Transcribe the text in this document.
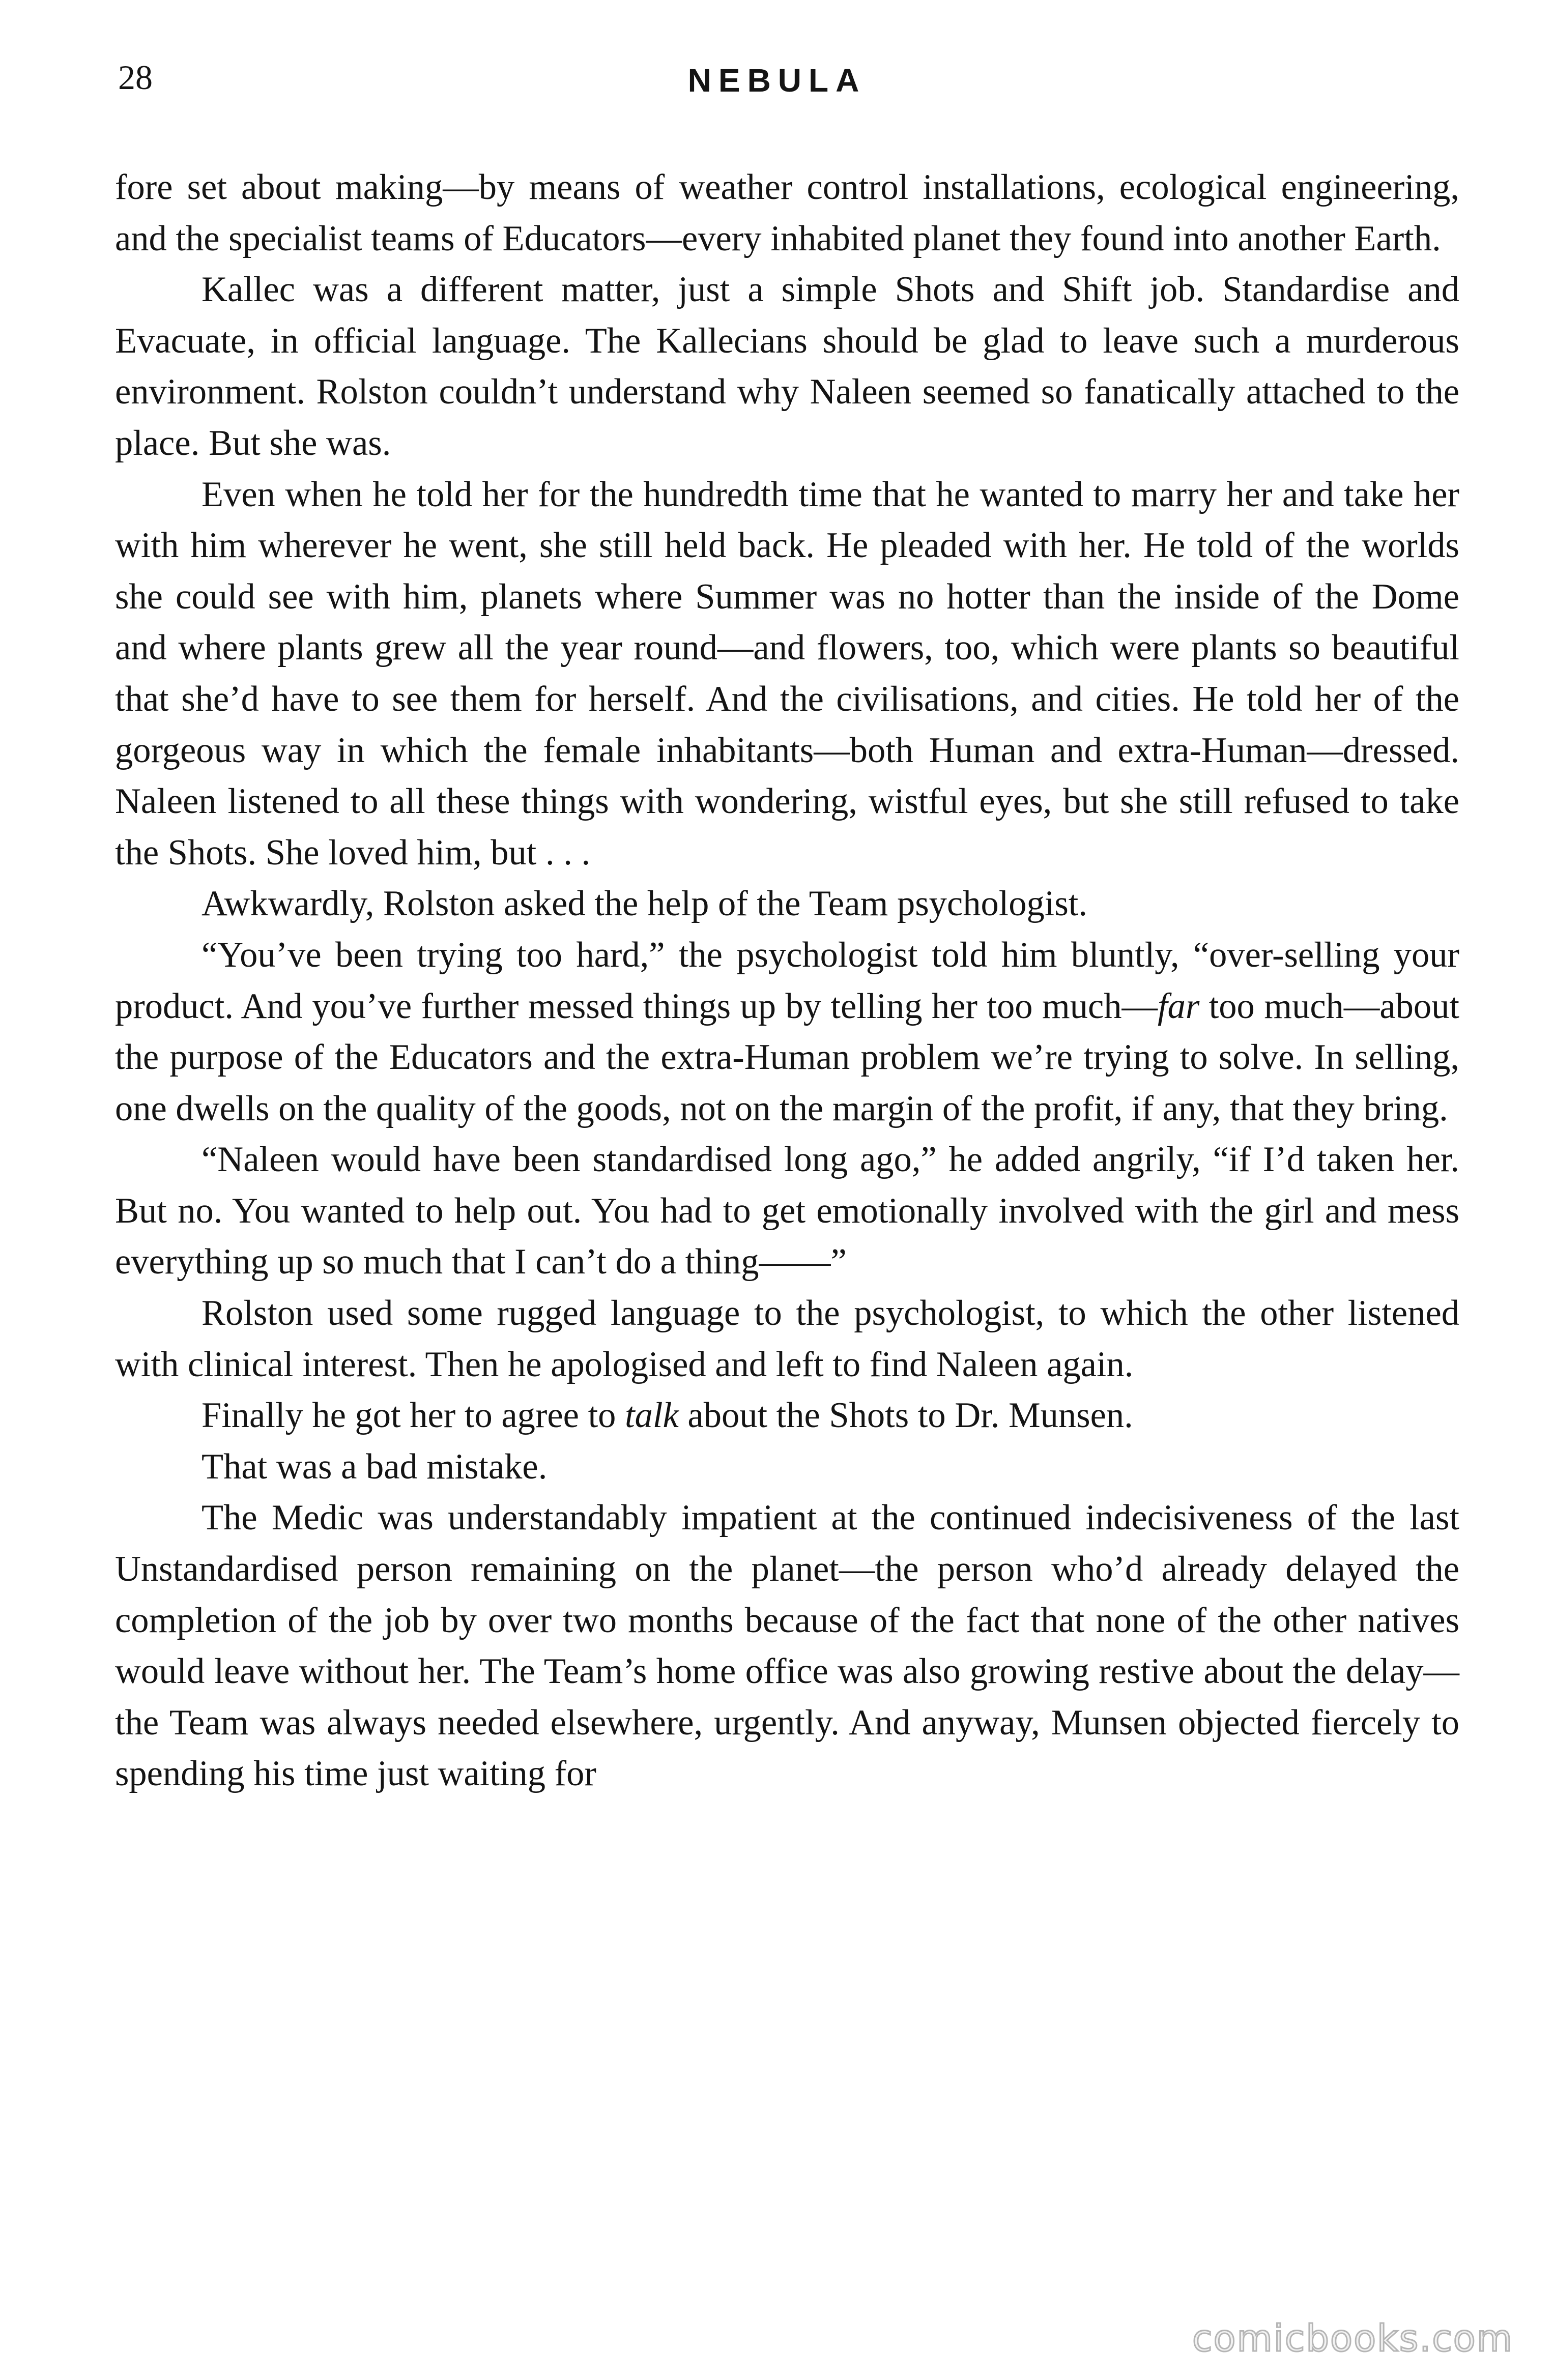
28	NEBULA

fore set about making—by means of weather control installations, ecological engineering, and the specialist teams of Educators—every inhabited planet they found into another Earth.

Kallec was a different matter, just a simple Shots and Shift job. Standardise and Evacuate, in official language. The Kallecians should be glad to leave such a murderous environment. Rolston couldn’t understand why Naleen seemed so fanatically attached to the place. But she was.

Even when he told her for the hundredth time that he wanted to marry her and take her with him wherever he went, she still held back. He pleaded with her. He told of the worlds she could see with him, planets where Summer was no hotter than the inside of the Dome and where plants grew all the year round—and flowers, too, which were plants so beautiful that she’d have to see them for herself. And the civilisations, and cities. He told her of the gorgeous way in which the female inhabitants—both Human and extra-Human—dressed. Naleen listened to all these things with wondering, wistful eyes, but she still refused to take the Shots. She loved him, but . . .

Awkwardly, Rolston asked the help of the Team psychologist.

“You’ve been trying too hard,” the psychologist told him bluntly, “over-selling your product. And you’ve further messed things up by telling her too much—far too much—about the purpose of the Educators and the extra-Human problem we’re trying to solve. In selling, one dwells on the quality of the goods, not on the margin of the profit, if any, that they bring.

“Naleen would have been standardised long ago,” he added angrily, “if I’d taken her. But no. You wanted to help out. You had to get emotionally involved with the girl and mess everything up so much that I can’t do a thing——”

Rolston used some rugged language to the psychologist, to which the other listened with clinical interest. Then he apologised and left to find Naleen again.

Finally he got her to agree to talk about the Shots to Dr. Munsen.

That was a bad mistake.

The Medic was understandably impatient at the continued indecisiveness of the last Unstandardised person remaining on the planet—the person who’d already delayed the completion of the job by over two months because of the fact that none of the other natives would leave without her. The Team’s home office was also growing restive about the delay—the Team was always needed elsewhere, urgently. And anyway, Munsen objected fiercely to spending his time just waiting for

comicbooks.com
